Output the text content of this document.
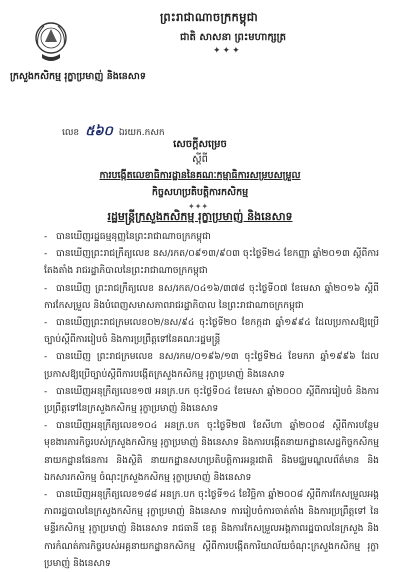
ព្រះរាជាណាចក្រកម្ពុជា
ជាតិ សាសនា ព្រះមហាក្សត្រ
✦✦✦
ក្រសួងកសិកម្ម រុក្ខាប្រមាញ់ និងនេសាទ
លេខ ៥៦០ ឯរយក.កសក
សេចក្តីសម្រេច
ស្តីពី
ការបង្កើតលេខាធិការដ្ឋាននៃគណៈកម្មាធិការសម្របសម្រួល
កិច្ចសហប្រតិបត្តិការកសិកម្ម
✦✦✦
រដ្ឋមន្ត្រីក្រសួងកសិកម្ម រុក្ខាប្រមាញ់ និងនេសាទ
- បានឃើញរដ្ឋធម្មនុញ្ញនៃព្រះរាជាណាចក្រកម្ពុជា
- បានឃើញព្រះរាជក្រឹត្យលេខ នស/រកត/០៩១៣/៩០៣ ចុះថ្ងៃទី២៤ ខែកញ្ញា ឆ្នាំ២០១៣ ស្តីពីការតែងតាំង រាជរដ្ឋាភិបាលនៃព្រះរាជាណាចក្រកម្ពុជា
- បានឃើញ ព្រះរាជក្រឹត្យលេខ នស/រកត/០៤១៦/៣៧៨ ចុះថ្ងៃទី០៧ ខែមេសា ឆ្នាំ២០១៦ ស្តីពីការកែសម្រួល និងបំពេញសមាសភាពរាជរដ្ឋាភិបាល នៃព្រះរាជាណាចក្រកម្ពុជា
- បានឃើញព្រះរាជក្រមលេខ០២/នស/៩៤ ចុះថ្ងៃទី២០ ខែកក្កដា ឆ្នាំ១៩៩៤ ដែលប្រកាសឱ្យប្រើច្បាប់ស្តីពីការរៀបចំ និងការប្រព្រឹត្តទៅនៃគណៈរដ្ឋមន្ត្រី
- បានឃើញ ព្រះរាជក្រមលេខ នស/រកម/០១៩៦/១៣ ចុះថ្ងៃទី២៤ ខែមករា ឆ្នាំ១៩៩៦ ដែលប្រកាសឱ្យប្រើច្បាប់ស្តីពីការបង្កើតក្រសួងកសិកម្ម រុក្ខាប្រមាញ់ និងនេសាទ
- បានឃើញអនុក្រឹត្យលេខ១៧ អនក្រ.បក ចុះថ្ងៃទី០៤ ខែមេសា ឆ្នាំ២០០០ ស្តីពីការរៀបចំ និងការប្រព្រឹត្តទៅនៃក្រសួងកសិកម្ម រុក្ខាប្រមាញ់ និងនេសាទ
- បានឃើញអនុក្រឹត្យលេខ១០៤ អនក្រ.បក ចុះថ្ងៃទី២៧ ខែសីហា ឆ្នាំ២០០៨ ស្តីពីការបន្ថែមមុខងារ​ភារកិច្ចរបស់ក្រសួងកសិកម្ម រុក្ខាប្រមាញ់ និងនេសាទ និងការបង្កើតនាយកដ្ឋានសេដ្ឋកិច្ចកសិកម្ម នាយកដ្ឋានផែនការ និងស្ថិតិ នាយកដ្ឋានសហប្រតិបត្តិការអន្តរជាតិ និងមជ្ឈមណ្ឌលព័ត៌មាន និងឯកសារកសិកម្ម ចំណុះក្រសួងកសិកម្ម រុក្ខាប្រមាញ់ និងនេសាទ
- បានឃើញអនុក្រឹត្យលេខ១៨៨ អនក្រ.បក ចុះថ្ងៃទី១៤ ខែវិច្ឆិកា ឆ្នាំ២០០៨ ស្តីពីការកែសម្រួលអង្គភាពរដ្ឋបាលនៃក្រសួងកសិកម្ម រុក្ខាប្រមាញ់ និងនេសាទ ការរៀបចំការចាត់តាំង និងការប្រព្រឹត្តទៅ នៃមន្ទីរកសិកម្ម រុក្ខាប្រមាញ់ និងនេសាទ រាជធានី ខេត្ត និងការកែសម្រួលអង្គភាពរដ្ឋបាលនៃក្រសួង និងការកំណត់ភារកិច្ចរបស់អគ្គនាយកដ្ឋានកសិកម្ម ស្តីពីការបង្កើតការិយាល័យចំណុះក្រសួងកសិកម្ម រុក្ខាប្រមាញ់ និងនេសាទ
